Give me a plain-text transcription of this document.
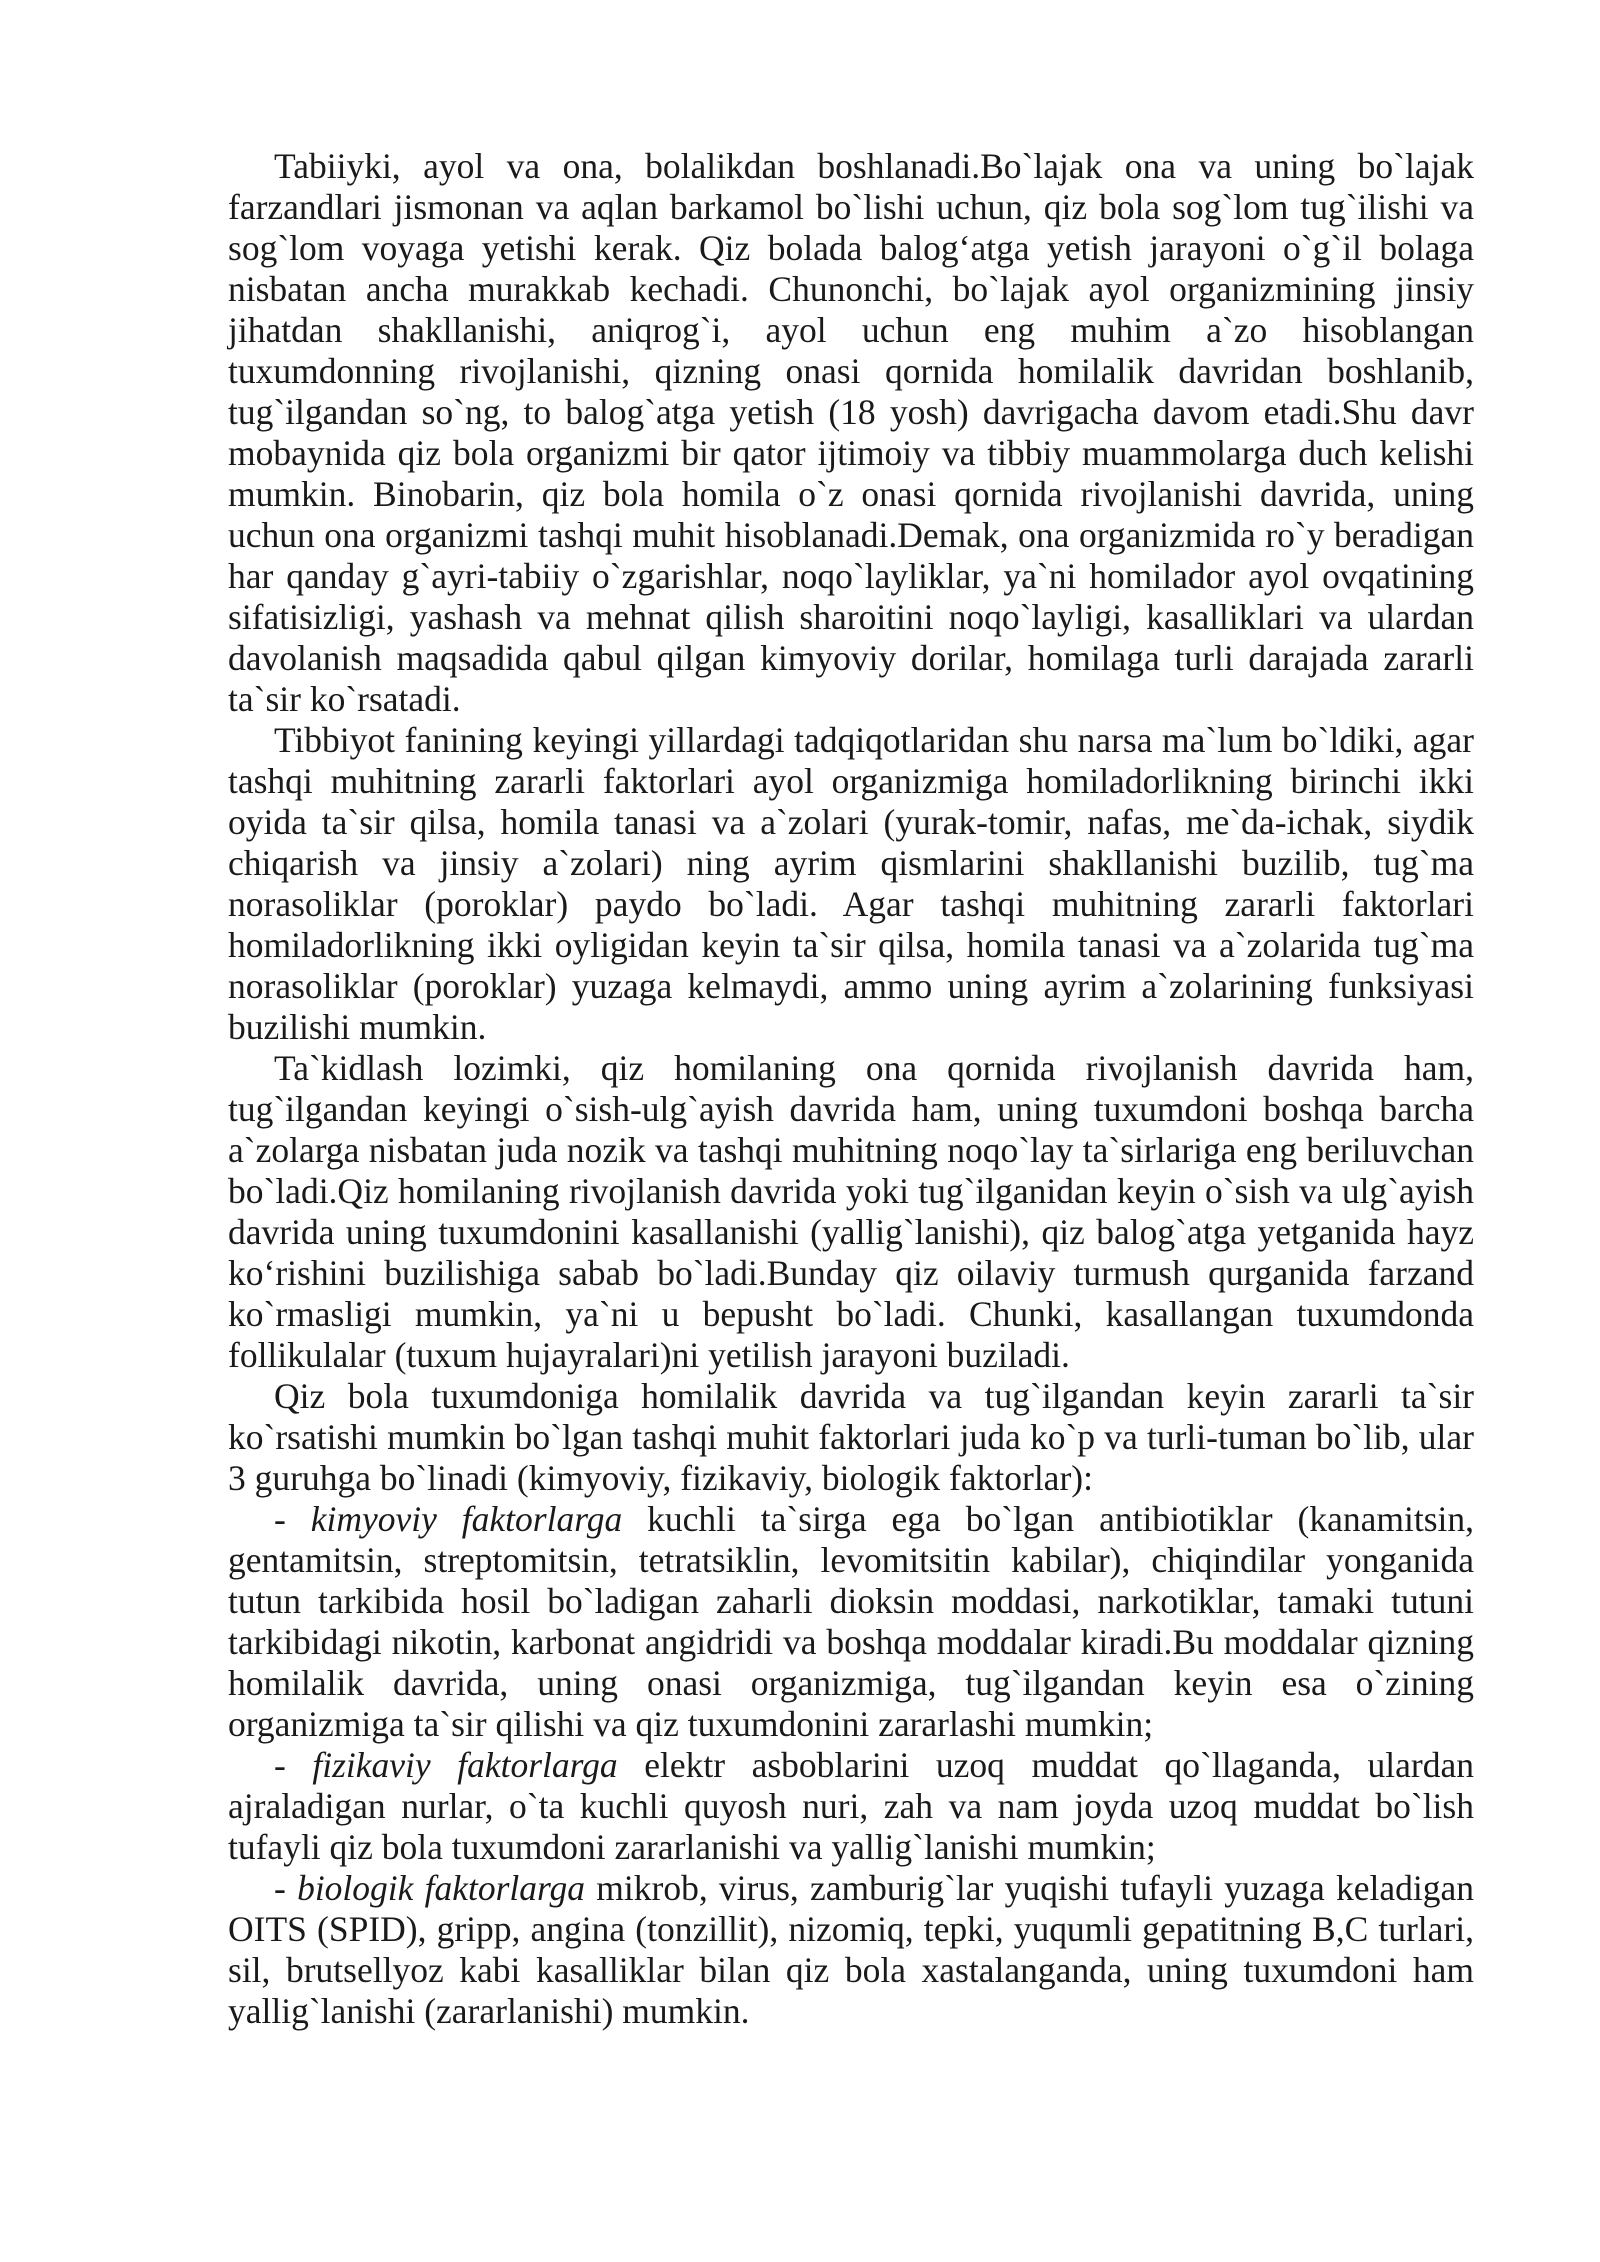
Tabiiyki, ayol va ona, bolalikdan boshlanadi.Bo`lajak ona va uning bo`lajak farzandlari jismonan va aqlan barkamol bo`lishi uchun, qiz bola sog`lom tug`ilishi va sog`lom voyaga yetishi kerak. Qiz bolada balog‘atga yetish jarayoni o`g`il bolaga nisbatan ancha murakkab kechadi. Chunonchi, bo`lajak ayol organizmining jinsiy jihatdan shakllanishi, aniqrog`i, ayol uchun eng muhim a`zo hisoblangan tuxumdonning rivojlanishi, qizning onasi qornida homilalik davridan boshlanib, tug`ilgandan so`ng, to balog`atga yetish (18 yosh) davrigacha davom etadi.Shu davr mobaynida qiz bola organizmi bir qator ijtimoiy va tibbiy muammolarga duch kelishi mumkin. Binobarin, qiz bola homila o`z onasi qornida rivojlanishi davrida, uning uchun ona organizmi tashqi muhit hisoblanadi.Demak, ona organizmida ro`y beradigan har qanday g`ayri-tabiiy o`zgarishlar, noqo`layliklar, ya`ni homilador ayol ovqatining sifatisizligi, yashash va mehnat qilish sharoitini noqo`layligi, kasalliklari va ulardan davolanish maqsadida qabul qilgan kimyoviy dorilar, homilaga turli darajada zararli ta`sir ko`rsatadi.

Tibbiyot fanining keyingi yillardagi tadqiqotlaridan shu narsa ma`lum bo`ldiki, agar tashqi muhitning zararli faktorlari ayol organizmiga homiladorlikning birinchi ikki oyida ta`sir qilsa, homila tanasi va a`zolari (yurak-tomir, nafas, me`da-ichak, siydik chiqarish va jinsiy a`zolari) ning ayrim qismlarini shakllanishi buzilib, tug`ma norasoliklar (poroklar) paydo bo`ladi. Agar tashqi muhitning zararli faktorlari homiladorlikning ikki oyligidan keyin ta`sir qilsa, homila tanasi va a`zolarida tug`ma norasoliklar (poroklar) yuzaga kelmaydi, ammo uning ayrim a`zolarining funksiyasi buzilishi mumkin.

Ta`kidlash lozimki, qiz homilaning ona qornida rivojlanish davrida ham, tug`ilgandan keyingi o`sish-ulg`ayish davrida ham, uning tuxumdoni boshqa barcha a`zolarga nisbatan juda nozik va tashqi muhitning noqo`lay ta`sirlariga eng beriluvchan bo`ladi.Qiz homilaning rivojlanish davrida yoki tug`ilganidan keyin o`sish va ulg`ayish davrida uning tuxumdonini kasallanishi (yallig`lanishi), qiz balog`atga yetganida hayz ko‘rishini buzilishiga sabab bo`ladi.Bunday qiz oilaviy turmush qurganida farzand ko`rmasligi mumkin, ya`ni u bepusht bo`ladi. Chunki, kasallangan tuxumdonda follikulalar (tuxum hujayralari)ni yetilish jarayoni buziladi.

Qiz bola tuxumdoniga homilalik davrida va tug`ilgandan keyin zararli ta`sir ko`rsatishi mumkin bo`lgan tashqi muhit faktorlari juda ko`p va turli-tuman bo`lib, ular 3 guruhga bo`linadi (kimyoviy, fizikaviy, biologik faktorlar):

- kimyoviy faktorlarga kuchli ta`sirga ega bo`lgan antibiotiklar (kanamitsin, gentamitsin, streptomitsin, tetratsiklin, levomitsitin kabilar), chiqindilar yonganida tutun tarkibida hosil bo`ladigan zaharli dioksin moddasi, narkotiklar, tamaki tutuni tarkibidagi nikotin, karbonat angidridi va boshqa moddalar kiradi.Bu moddalar qizning homilalik davrida, uning onasi organizmiga, tug`ilgandan keyin esa o`zining organizmiga ta`sir qilishi va qiz tuxumdonini zararlashi mumkin;

- fizikaviy faktorlarga elektr asboblarini uzoq muddat qo`llaganda, ulardan ajraladigan nurlar, o`ta kuchli quyosh nuri, zah va nam joyda uzoq muddat bo`lish tufayli qiz bola tuxumdoni zararlanishi va yallig`lanishi mumkin;

- biologik faktorlarga mikrob, virus, zamburig`lar yuqishi tufayli yuzaga keladigan OITS (SPID), gripp, angina (tonzillit), nizomiq, tepki, yuqumli gepatitning B,C turlari, sil, brutsellyoz kabi kasalliklar bilan qiz bola xastalanganda, uning tuxumdoni ham yallig`lanishi (zararlanishi) mumkin.
